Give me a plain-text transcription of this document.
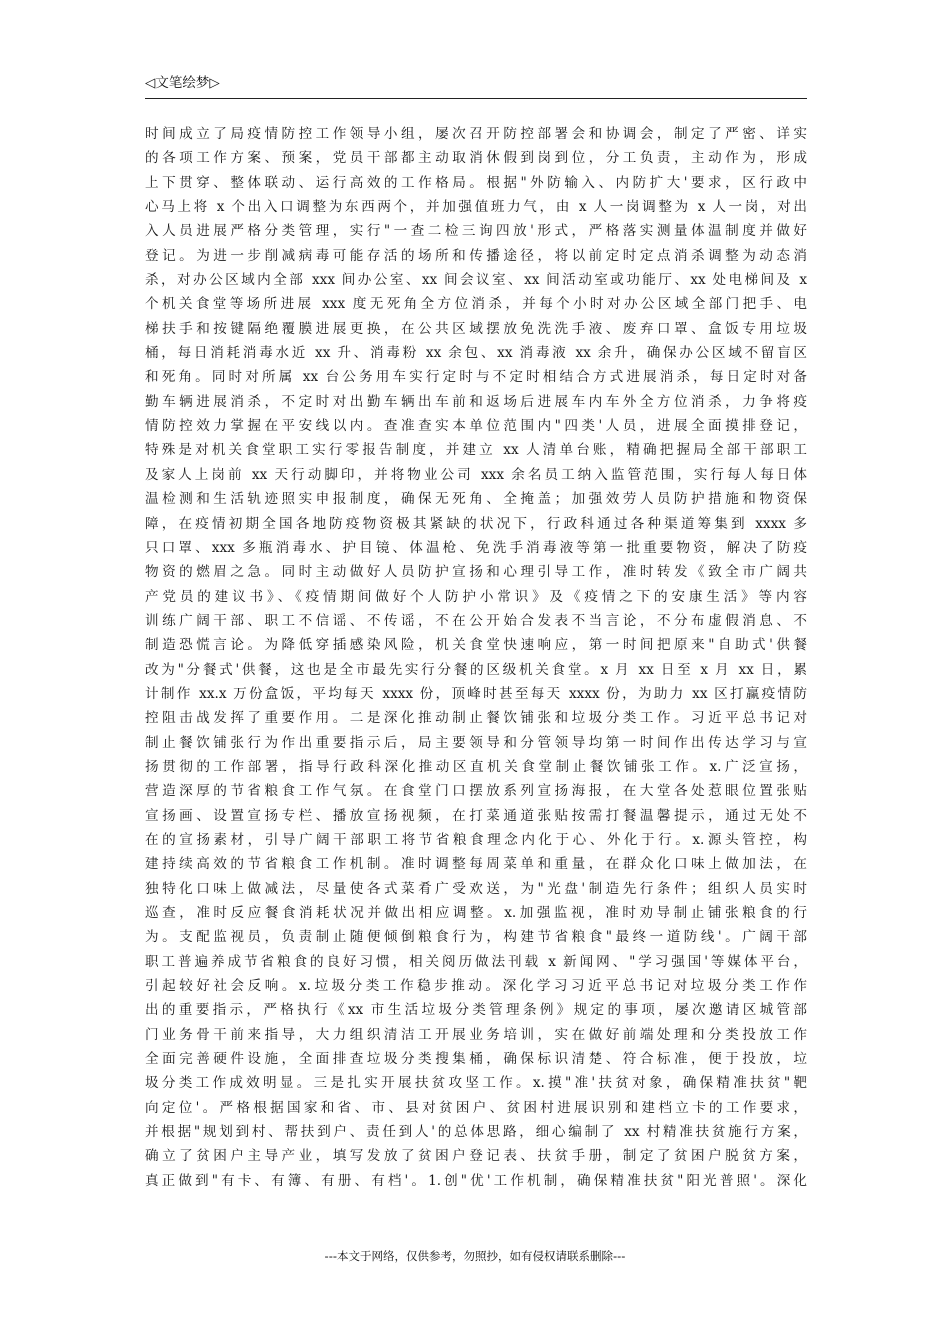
◁文笔绘梦▷
时间成立了局疫情防控工作领导小组，屡次召开防控部署会和协调会，制定了严密、详实
的各项工作方案、预案，党员干部都主动取消休假到岗到位，分工负责，主动作为，形成
上下贯穿、整体联动、运行高效的工作格局。根据"外防输入、内防扩大'要求，区行政中
心马上将 x 个出入口调整为东西两个，并加强值班力气，由 x 人一岗调整为 x 人一岗，对出
入人员进展严格分类管理，实行"一查二检三询四放'形式，严格落实测量体温制度并做好
登记。为进一步削减病毒可能存活的场所和传播途径，将以前定时定点消杀调整为动态消
杀，对办公区域内全部 xxx 间办公室、xx 间会议室、xx 间活动室或功能厅、xx 处电梯间及 x
个机关食堂等场所进展 xxx 度无死角全方位消杀，并每个小时对办公区域全部门把手、电
梯扶手和按键隔绝覆膜进展更换，在公共区域摆放免洗洗手液、废弃口罩、盒饭专用垃圾
桶，每日消耗消毒水近 xx 升、消毒粉 xx 余包、xx 消毒液 xx 余升，确保办公区域不留盲区
和死角。同时对所属 xx 台公务用车实行定时与不定时相结合方式进展消杀，每日定时对备
勤车辆进展消杀，不定时对出勤车辆出车前和返场后进展车内车外全方位消杀，力争将疫
情防控效力掌握在平安线以内。查准查实本单位范围内"四类'人员，进展全面摸排登记，
特殊是对机关食堂职工实行零报告制度，并建立 xx 人清单台账，精确把握局全部干部职工
及家人上岗前 xx 天行动脚印，并将物业公司 xxx 余名员工纳入监管范围，实行每人每日体
温检测和生活轨迹照实申报制度，确保无死角、全掩盖；加强效劳人员防护措施和物资保
障，在疫情初期全国各地防疫物资极其紧缺的状况下，行政科通过各种渠道筹集到 xxxx 多
只口罩、xxx 多瓶消毒水、护目镜、体温枪、免洗手消毒液等第一批重要物资，解决了防疫
物资的燃眉之急。同时主动做好人员防护宣扬和心理引导工作，准时转发《致全市广阔共
产党员的建议书》、《疫情期间做好个人防护小常识》及《疫情之下的安康生活》等内容
训练广阔干部、职工不信谣、不传谣，不在公开始合发表不当言论，不分布虚假消息、不
制造恐慌言论。为降低穿插感染风险，机关食堂快速响应，第一时间把原来"自助式'供餐
改为"分餐式'供餐，这也是全市最先实行分餐的区级机关食堂。x 月 xx 日至 x 月 xx 日，累
计制作 xx.x 万份盒饭，平均每天 xxxx 份，顶峰时甚至每天 xxxx 份，为助力 xx 区打赢疫情防
控阻击战发挥了重要作用。二是深化推动制止餐饮铺张和垃圾分类工作。习近平总书记对
制止餐饮铺张行为作出重要指示后，局主要领导和分管领导均第一时间作出传达学习与宣
扬贯彻的工作部署，指导行政科深化推动区直机关食堂制止餐饮铺张工作。x.广泛宣扬，
营造深厚的节省粮食工作气氛。在食堂门口摆放系列宣扬海报，在大堂各处惹眼位置张贴
宣扬画、设置宣扬专栏、播放宣扬视频，在打菜通道张贴按需打餐温馨提示，通过无处不
在的宣扬素材，引导广阔干部职工将节省粮食理念内化于心、外化于行。x.源头管控，构
建持续高效的节省粮食工作机制。准时调整每周菜单和重量，在群众化口味上做加法，在
独特化口味上做减法，尽量使各式菜肴广受欢送，为"光盘'制造先行条件；组织人员实时
巡查，准时反应餐食消耗状况并做出相应调整。x.加强监视，准时劝导制止铺张粮食的行
为。支配监视员，负责制止随便倾倒粮食行为，构建节省粮食"最终一道防线'。广阔干部
职工普遍养成节省粮食的良好习惯，相关阅历做法刊载 x 新闻网、"学习强国'等媒体平台，
引起较好社会反响。x.垃圾分类工作稳步推动。深化学习习近平总书记对垃圾分类工作作
出的重要指示，严格执行《xx 市生活垃圾分类管理条例》规定的事项，屡次邀请区城管部
门业务骨干前来指导，大力组织清洁工开展业务培训，实在做好前端处理和分类投放工作
全面完善硬件设施，全面排查垃圾分类搜集桶，确保标识清楚、符合标准，便于投放，垃
圾分类工作成效明显。三是扎实开展扶贫攻坚工作。x.摸"准'扶贫对象，确保精准扶贫"靶
向定位'。严格根据国家和省、市、县对贫困户、贫困村进展识别和建档立卡的工作要求，
并根据"规划到村、帮扶到户、责任到人'的总体思路，细心编制了 xx 村精准扶贫施行方案，
确立了贫困户主导产业，填写发放了贫困户登记表、扶贫手册，制定了贫困户脱贫方案，
真正做到"有卡、有簿、有册、有档'。1.创"优'工作机制，确保精准扶贫"阳光普照'。深化
---本文于网络，仅供参考，勿照抄，如有侵权请联系删除---
